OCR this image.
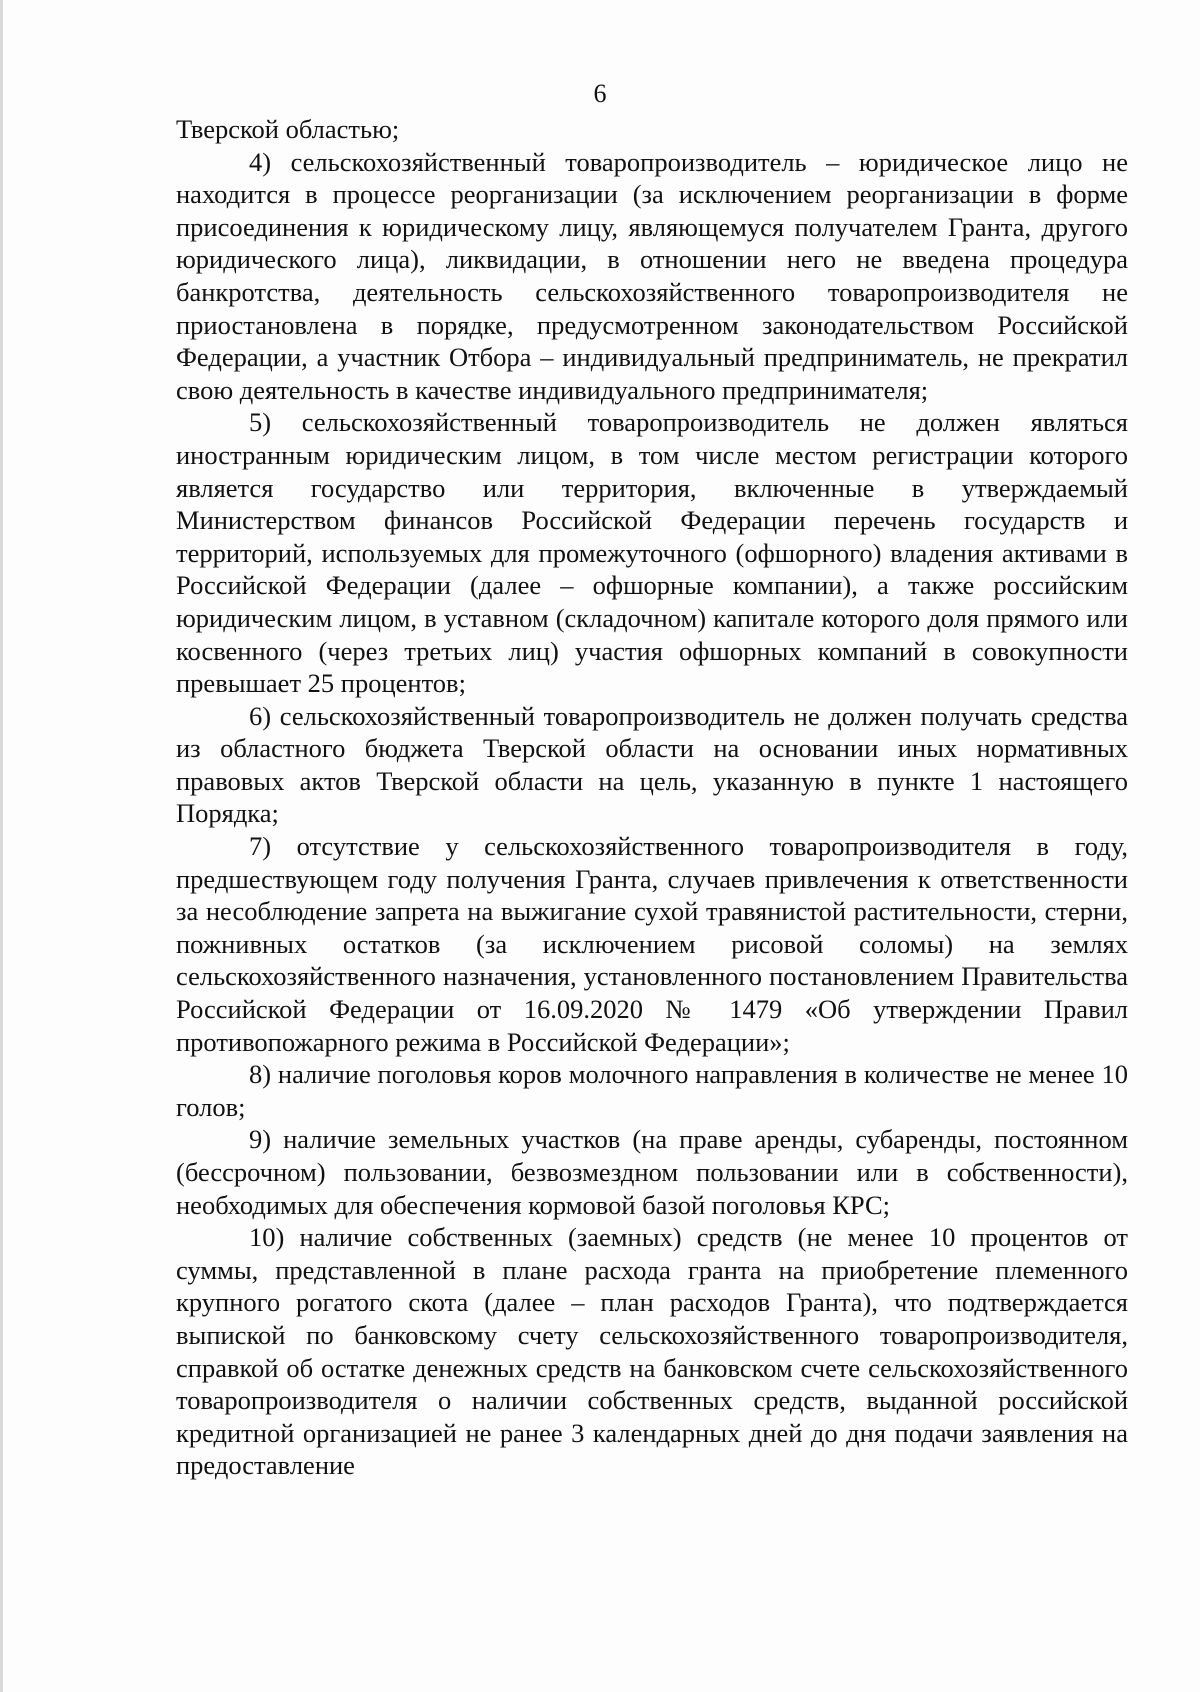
6

Тверской областью;

4) сельскохозяйственный товаропроизводитель – юридическое лицо не находится в процессе реорганизации (за исключением реорганизации в форме присоединения к юридическому лицу, являющемуся получателем Гранта, другого юридического лица), ликвидации, в отношении него не введена процедура банкротства, деятельность сельскохозяйственного товаропроизводителя не приостановлена в порядке, предусмотренном законодательством Российской Федерации, а участник Отбора – индивидуальный предприниматель, не прекратил свою деятельность в качестве индивидуального предпринимателя;

5) сельскохозяйственный товаропроизводитель не должен являться иностранным юридическим лицом, в том числе местом регистрации которого является государство или территория, включенные в утверждаемый Министерством финансов Российской Федерации перечень государств и территорий, используемых для промежуточного (офшорного) владения активами в Российской Федерации (далее – офшорные компании), а также российским юридическим лицом, в уставном (складочном) капитале которого доля прямого или косвенного (через третьих лиц) участия офшорных компаний в совокупности превышает 25 процентов;

6) сельскохозяйственный товаропроизводитель не должен получать средства из областного бюджета Тверской области на основании иных нормативных правовых актов Тверской области на цель, указанную в пункте 1 настоящего Порядка;

7) отсутствие у сельскохозяйственного товаропроизводителя в году, предшествующем году получения Гранта, случаев привлечения к ответственности за несоблюдение запрета на выжигание сухой травянистой растительности, стерни, пожнивных остатков (за исключением рисовой соломы) на землях сельскохозяйственного назначения, установленного постановлением Правительства Российской Федерации от 16.09.2020 № 1479 «Об утверждении Правил противопожарного режима в Российской Федерации»;

8) наличие поголовья коров молочного направления в количестве не менее 10 голов;

9) наличие земельных участков (на праве аренды, субаренды, постоянном (бессрочном) пользовании, безвозмездном пользовании или в собственности), необходимых для обеспечения кормовой базой поголовья КРС;

10) наличие собственных (заемных) средств (не менее 10 процентов от суммы, представленной в плане расхода гранта на приобретение племенного крупного рогатого скота (далее – план расходов Гранта), что подтверждается выпиской по банковскому счету сельскохозяйственного товаропроизводителя, справкой об остатке денежных средств на банковском счете сельскохозяйственного товаропроизводителя о наличии собственных средств, выданной российской кредитной организацией не ранее 3 календарных дней до дня подачи заявления на предоставление
